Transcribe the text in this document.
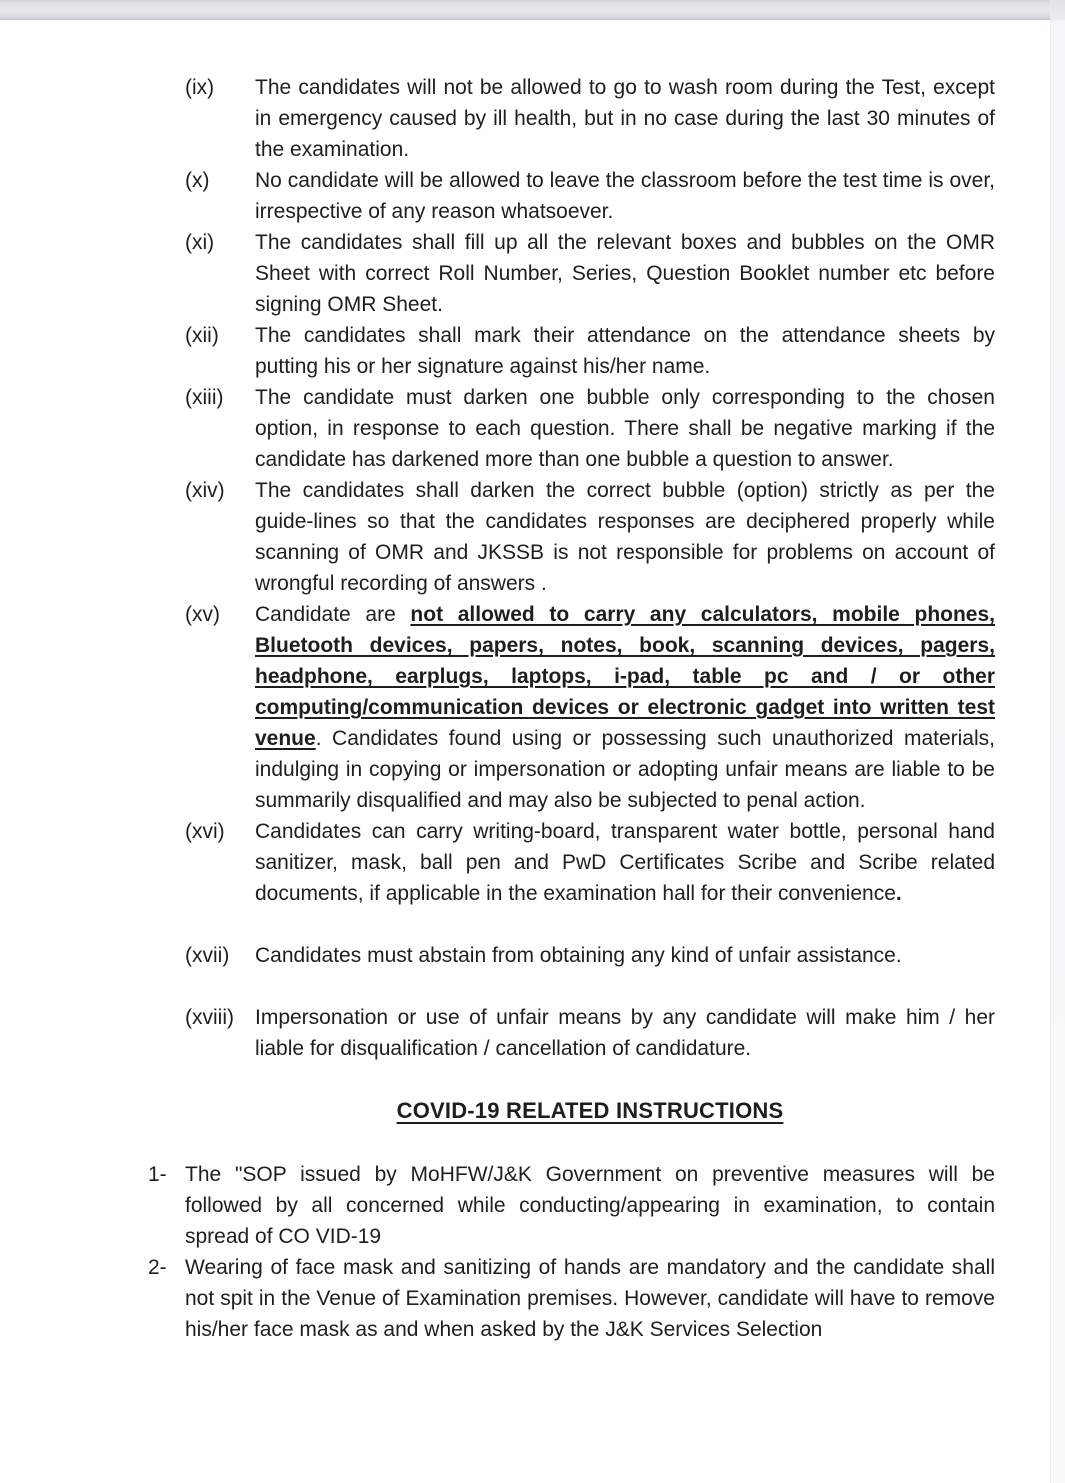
(ix)	The candidates will not be allowed to go to wash room during the Test, except in emergency caused by ill health, but in no case during the last 30 minutes of the examination.
(x)	No candidate will be allowed to leave the classroom before the test time is over, irrespective of any reason whatsoever.
(xi)	The candidates shall fill up all the relevant boxes and bubbles on the OMR Sheet with correct Roll Number, Series, Question Booklet number etc before signing OMR Sheet.
(xii)	The candidates shall mark their attendance on the attendance sheets by putting his or her signature against his/her name.
(xiii)	The candidate must darken one bubble only corresponding to the chosen option, in response to each question. There shall be negative marking if the candidate has darkened more than one bubble a question to answer.
(xiv)	The candidates shall darken the correct bubble (option) strictly as per the guide-lines so that the candidates responses are deciphered properly while scanning of OMR and JKSSB is not responsible for problems on account of wrongful recording of answers .
(xv)	Candidate are not allowed to carry any calculators, mobile phones, Bluetooth devices, papers, notes, book, scanning devices, pagers, headphone, earplugs, laptops, i-pad, table pc and / or other computing/communication devices or electronic gadget into written test venue. Candidates found using or possessing such unauthorized materials, indulging in copying or impersonation or adopting unfair means are liable to be summarily disqualified and may also be subjected to penal action.
(xvi)	Candidates can carry writing-board, transparent water bottle, personal hand sanitizer, mask, ball pen and PwD Certificates Scribe and Scribe related documents, if applicable in the examination hall for their convenience.
(xvii)	Candidates must abstain from obtaining any kind of unfair assistance.
(xviii)	Impersonation or use of unfair means by any candidate will make him / her liable for disqualification / cancellation of candidature.
COVID-19 RELATED INSTRUCTIONS
1- The "SOP issued by MoHFW/J&K Government on preventive measures will be followed by all concerned while conducting/appearing in examination, to contain spread of CO VID-19
2- Wearing of face mask and sanitizing of hands are mandatory and the candidate shall not spit in the Venue of Examination premises. However, candidate will have to remove his/her face mask as and when asked by the J&K Services Selection
